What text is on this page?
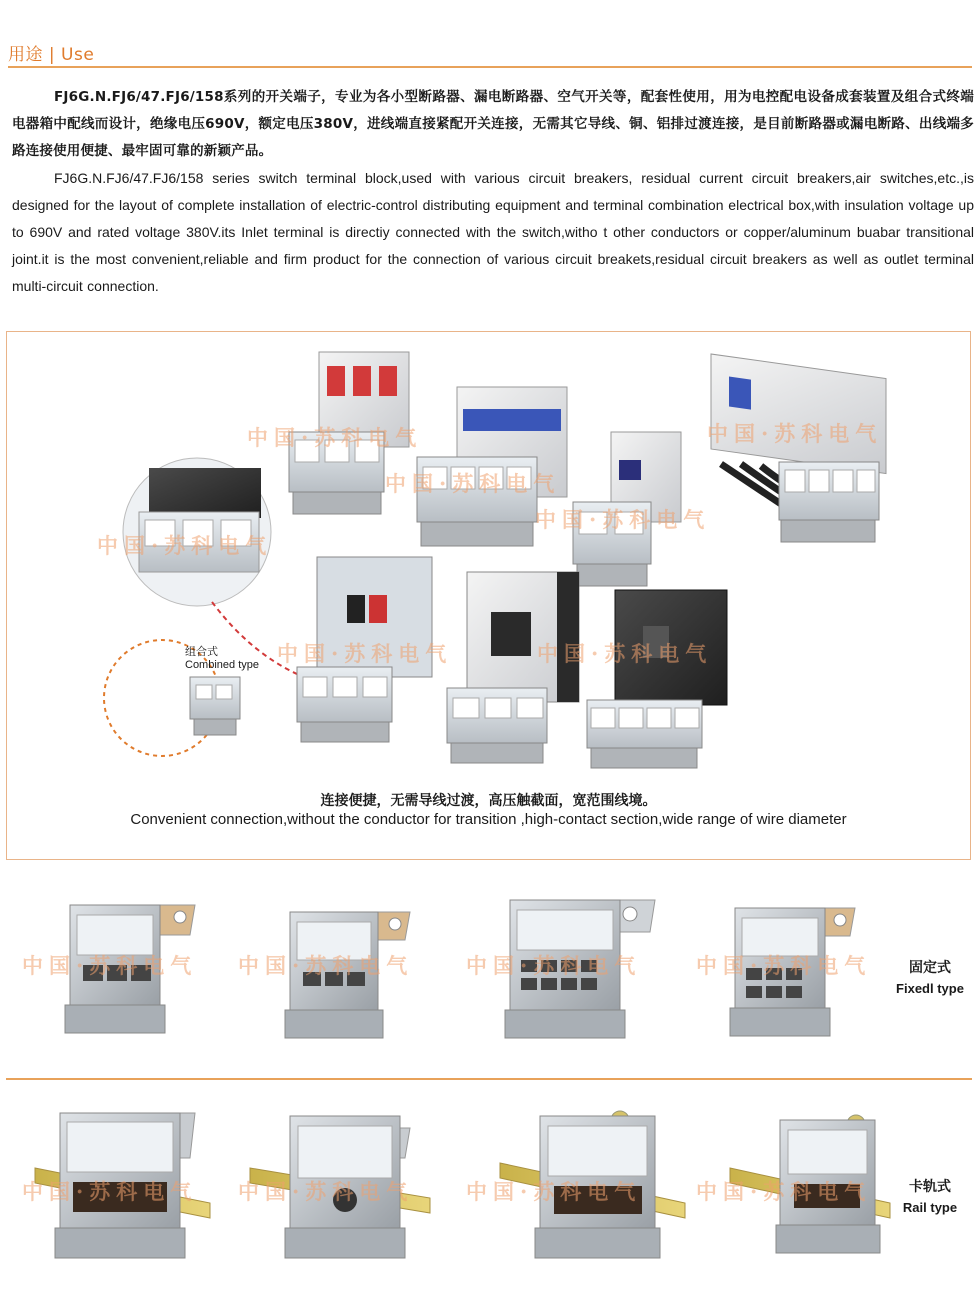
用途 | Use

FJ6G.N.FJ6/47.FJ6/158系列的开关端子，专业为各小型断路器、漏电断路器、空气开关等，配套性使用，用为电控配电设备成套装置及组合式终端电器箱中配线而设计，绝缘电压690V，额定电压380V，进线端直接紧配开关连接，无需其它导线、铜、铝排过渡连接，是目前断路器或漏电断路、出线端多路连接使用便捷、最牢固可靠的新颖产品。

FJ6G.N.FJ6/47.FJ6/158 series switch terminal block,used with various circuit breakers, residual current circuit breakers,air switches,etc.,is designed for the layout of complete installation of electric-control distributing equipment and terminal combination electrical box,with insulation voltage up to 690V and rated voltage 380V.its Inlet terminal is directiy connected with the switch,witho t other conductors or copper/aluminum buabar transitional joint.it is the most convenient,reliable and firm product for the connection of various circuit breakets,residual circuit breakers as well as outlet terminal multi-circuit connection.

组合式
Combined type
中国·苏科电气
中国·苏科电气
中国·苏科电气
中国·苏科电气
中国·苏科电气
中国·苏科电气	中国·苏科电气
连接便捷，无需导线过渡，高压触截面，宽范围线境。
Convenient connection,without the conductor for transition ,high-contact section,wide range of wire diameter
中国·苏科电气 中国·苏科电气	中国·苏科电气	中国·苏科电气	固定式
Fixedl type
中国·苏科电气 中国·苏科电气	中国·苏科电气	中国·苏科电气	卡轨式
Rail type
